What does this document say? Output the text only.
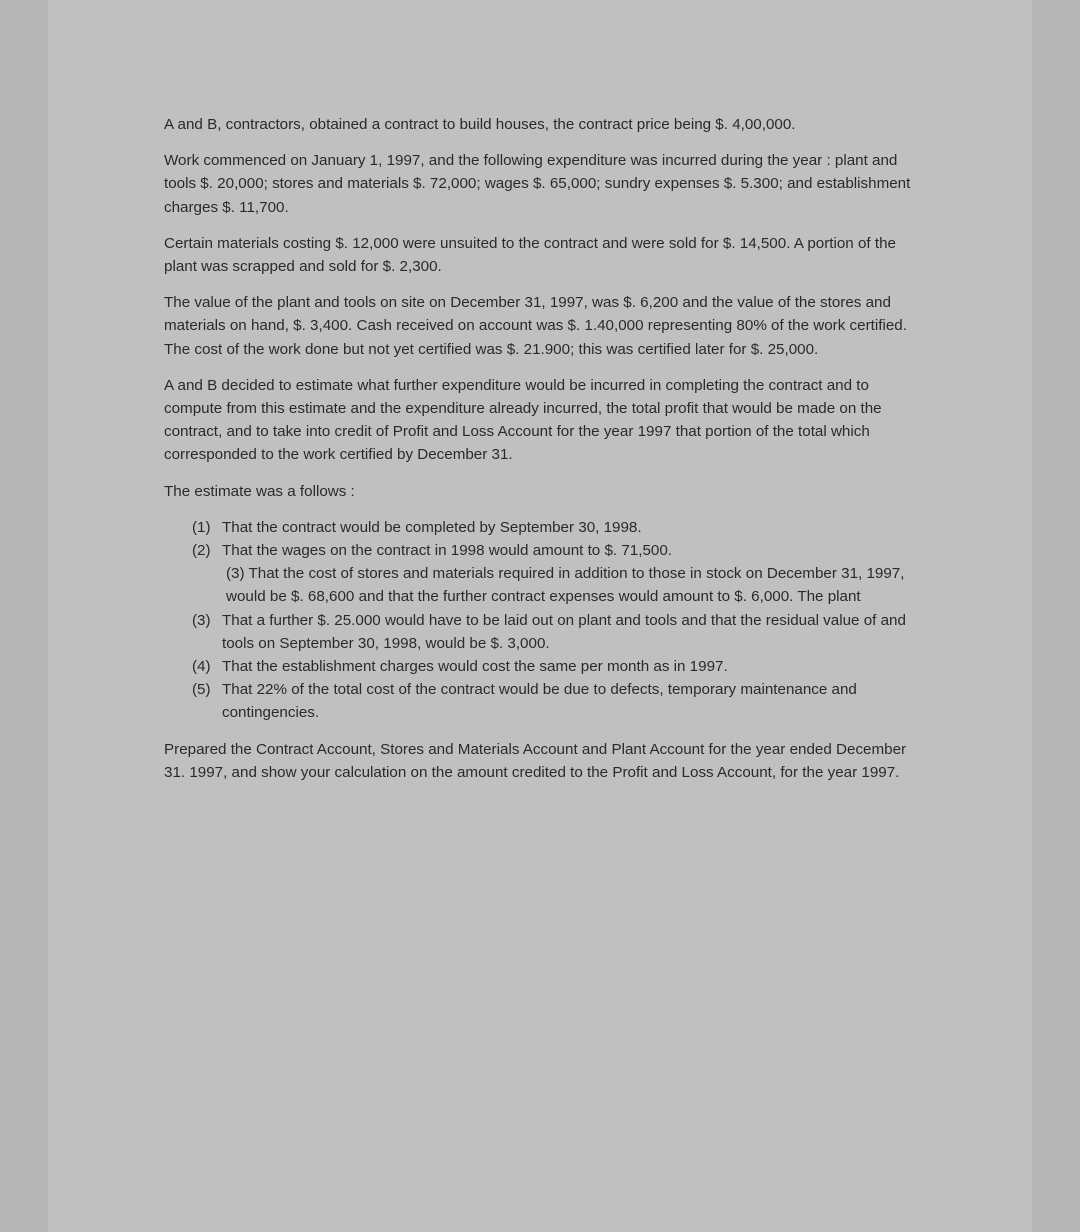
A and B, contractors, obtained a contract to build houses, the contract price being $. 4,00,000.

Work commenced on January 1, 1997, and the following expenditure was incurred during the year : plant and tools $. 20,000; stores and materials $. 72,000; wages $. 65,000; sundry expenses $. 5.300; and establishment charges $. 11,700.

Certain materials costing $. 12,000 were unsuited to the contract and were sold for $. 14,500. A portion of the plant was scrapped and sold for $. 2,300.

The value of the plant and tools on site on December 31, 1997, was $. 6,200 and the value of the stores and materials on hand, $. 3,400. Cash received on account was $. 1.40,000 representing 80% of the work certified. The cost of the work done but not yet certified was $. 21.900; this was certified later for $. 25,000.

A and B decided to estimate what further expenditure would be incurred in completing the contract and to compute from this estimate and the expenditure already incurred, the total profit that would be made on the contract, and to take into credit of Profit and Loss Account for the year 1997 that portion of the total which corresponded to the work certified by December 31.

The estimate was a follows :

(1) That the contract would be completed by September 30, 1998.
(2) That the wages on the contract in 1998 would amount to $. 71,500.
(3) That the cost of stores and materials required in addition to those in stock on December 31, 1997, would be $. 68,600 and that the further contract expenses would amount to $. 6,000. The plant
(3) That a further $. 25.000 would have to be laid out on plant and tools and that the residual value of and tools on September 30, 1998, would be $. 3,000.
(4) That the establishment charges would cost the same per month as in 1997.
(5) That 22% of the total cost of the contract would be due to defects, temporary maintenance and contingencies.

Prepared the Contract Account, Stores and Materials Account and Plant Account for the year ended December 31. 1997, and show your calculation on the amount credited to the Profit and Loss Account, for the year 1997.
